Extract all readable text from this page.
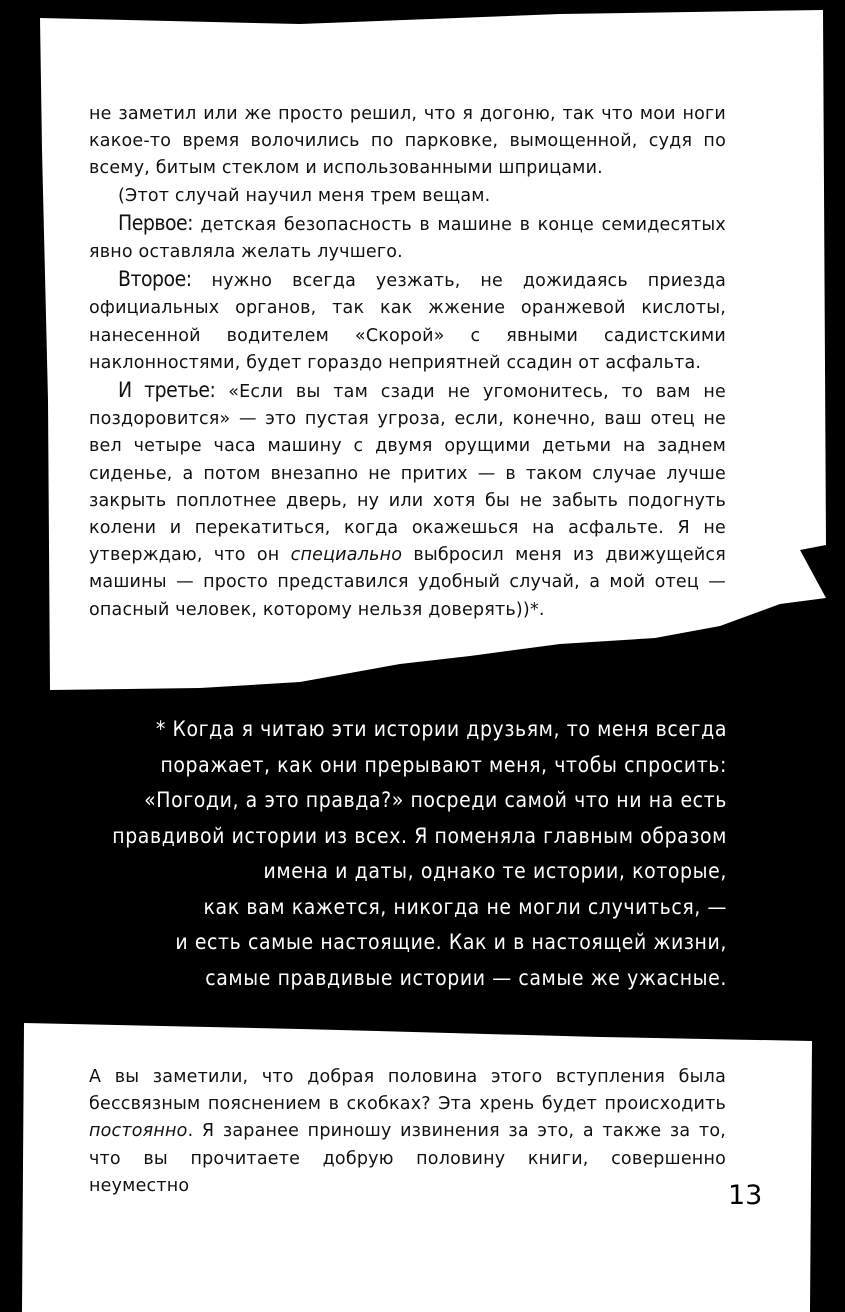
не заметил или же просто решил, что я догоню, так что мои ноги какое-то время волочились по парковке, вымощенной, судя по всему, битым стеклом и использованными шприцами.

(Этот случай научил меня трем вещам.

Первое: детская безопасность в машине в конце семидесятых явно оставляла желать лучшего.

Второе: нужно всегда уезжать, не дожидаясь приезда официальных органов, так как жжение оранжевой кислоты, нанесенной водителем «Скорой» с явными садистскими наклонностями, будет гораздо неприятней ссадин от асфальта.

И третье: «Если вы там сзади не угомонитесь, то вам не поздоровится» — это пустая угроза, если, конечно, ваш отец не вел четыре часа машину с двумя орущими детьми на заднем сиденье, а потом внезапно не притих — в таком случае лучше закрыть поплотнее дверь, ну или хотя бы не забыть подогнуть колени и перекатиться, когда окажешься на асфальте. Я не утверждаю, что он специально выбросил меня из движущейся машины — просто представился удобный случай, а мой отец — опасный человек, которому нельзя доверять))*.

* Когда я читаю эти истории друзьям, то меня всегда

поражает, как они прерывают меня, чтобы спросить:

«Погоди, а это правда?» посреди самой что ни на есть

правдивой истории из всех. Я поменяла главным образом

имена и даты, однако те истории, которые,

как вам кажется, никогда не могли случиться, —

и есть самые настоящие. Как и в настоящей жизни,

самые правдивые истории — самые же ужасные.

А вы заметили, что добрая половина этого вступления была бессвязным пояснением в скобках? Эта хрень будет происходить постоянно. Я заранее приношу извинения за это, а также за то, что вы прочитаете добрую половину книги, совершенно неуместно	13
